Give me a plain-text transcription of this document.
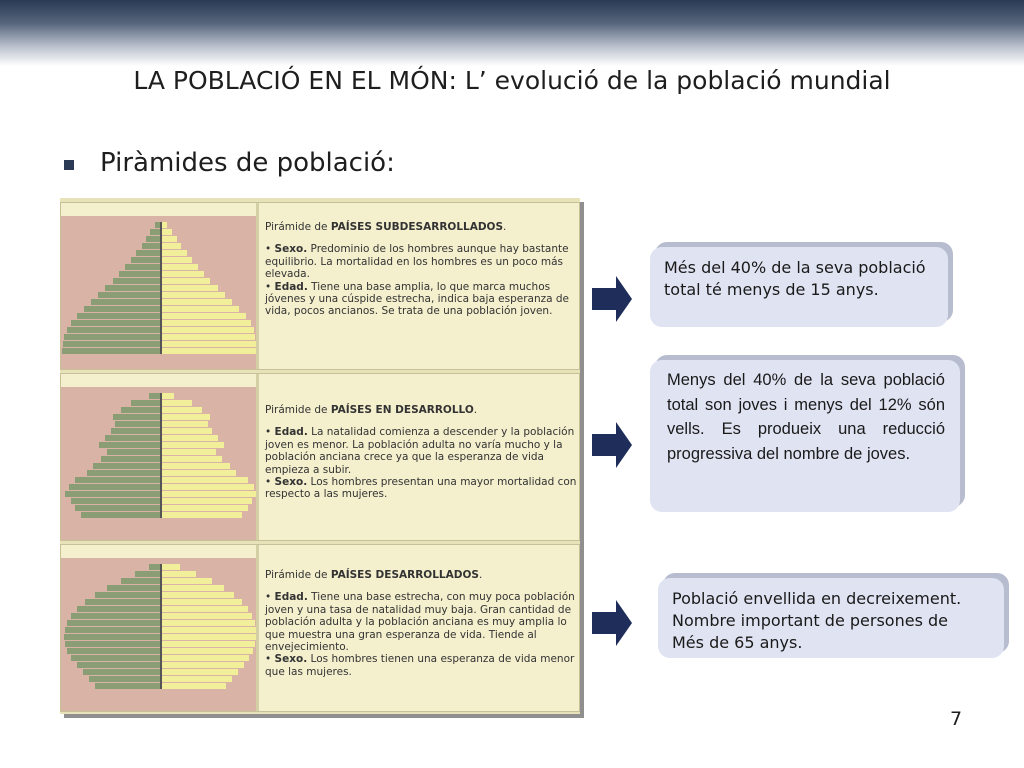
LA POBLACIÓ EN EL MÓN: L’ evolució de la població mundial
Piràmides de població:
Pirámide de PAÍSES SUBDESARROLLADOS.

• Sexo. Predominio de los hombres aunque hay bastante equilibrio. La mortalidad en los hombres es un poco más elevada.

• Edad. Tiene una base amplia, lo que marca muchos jóvenes y una cúspide estrecha, indica baja esperanza de vida, pocos ancianos. Se trata de una población joven.

Pirámide de PAÍSES EN DESARROLLO.

• Edad. La natalidad comienza a descender y la población joven es menor. La población adulta no varía mucho y la población anciana crece ya que la esperanza de vida empieza a subir.

• Sexo. Los hombres presentan una mayor mortalidad con respecto a las mujeres.

Pirámide de PAÍSES DESARROLLADOS.

• Edad. Tiene una base estrecha, con muy poca población joven y una tasa de natalidad muy baja. Gran cantidad de población adulta y la población anciana es muy amplia lo que muestra una gran esperanza de vida. Tiende al envejecimiento.

• Sexo. Los hombres tienen una esperanza de vida menor que las mujeres.

Més del 40% de la seva població
total té menys de 15 anys.
Menys del 40% de la seva població total son joves i menys del 12% són vells. Es produeix una reducció progressiva del nombre de joves.
Població envellida en decreixement.
Nombre important de persones de
Més de 65 anys.
7
